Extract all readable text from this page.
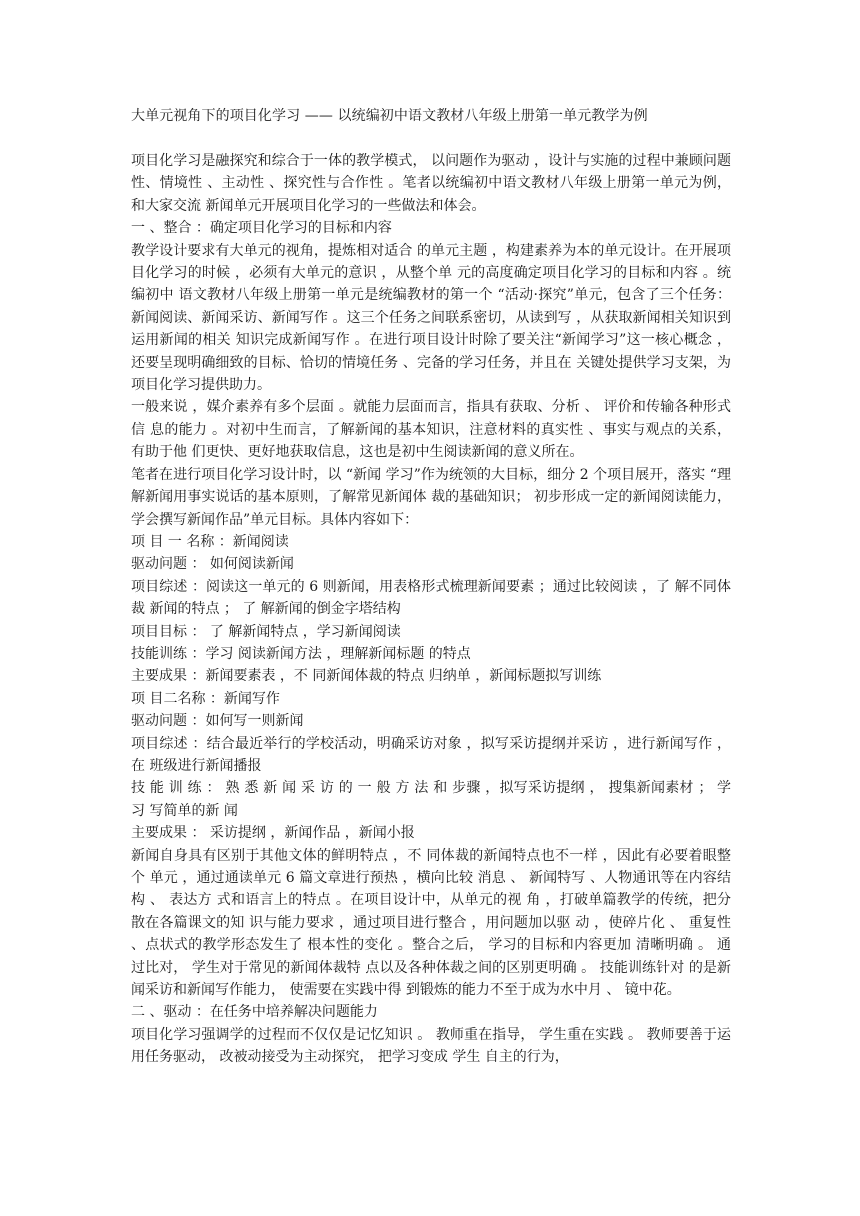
大单元视角下的项目化学习 —— 以统编初中语文教材八年级上册第一单元教学为例

项目化学习是融探究和综合于一体的教学模式， 以问题作为驱动 ，设计与实施的过程中兼顾问题性、情境性 、主动性 、探究性与合作性 。笔者以统编初中语文教材八年级上册第一单元为例， 和大家交流 新闻单元开展项目化学习的一些做法和体会。

一 、整合 ：确定项目化学习的目标和内容

教学设计要求有大单元的视角，提炼相对适合 的单元主题 ，构建素养为本的单元设计。在开展项目化学习的时候 ，必须有大单元的意识 ，从整个单 元的高度确定项目化学习的目标和内容 。统编初中 语文教材八年级上册第一单元是统编教材的第一个 “活动·探究”单元，包含了三个任务：新闻阅读、新闻采访、新闻写作 。这三个任务之间联系密切，从读到写 ，从获取新闻相关知识到运用新闻的相关 知识完成新闻写作 。在进行项目设计时除了要关注“新闻学习”这一核心概念 ，还要呈现明确细致的目标、恰切的情境任务 、完备的学习任务，并且在 关键处提供学习支架，为项目化学习提供助力。

一般来说 ，媒介素养有多个层面 。就能力层面而言，指具有获取、分析 、 评价和传输各种形式信 息的能力 。对初中生而言，了解新闻的基本知识，注意材料的真实性 、事实与观点的关系，有助于他 们更快、更好地获取信息，这也是初中生阅读新闻的意义所在。

笔者在进行项目化学习设计时，以 “新闻 学习”作为统领的大目标，细分 2 个项目展开，落实 “理解新闻用事实说话的基本原则，了解常见新闻体 裁的基础知识； 初步形成一定的新闻阅读能力， 学会撰写新闻作品”单元目标。具体内容如下：

项 目 一 名称 ：新闻阅读

驱动问题 ： 如何阅读新闻

项目综述 ：阅读这一单元的 6 则新闻，用表格形式梳理新闻要素 ；通过比较阅读 ，了 解不同体裁 新闻的特点 ； 了 解新闻的倒金字塔结构

项目目标 ： 了 解新闻特点 ，学习新闻阅读

技能训练 ：学习 阅读新闻方法 ，理解新闻标题 的特点

主要成果 ：新闻要素表 ，不 同新闻体裁的特点 归纳单 ，新闻标题拟写训练

项 目二名称 ：新闻写作

驱动问题 ：如何写一则新闻

项目综述 ：结合最近举行的学校活动，明确采访对象 ，拟写采访提纲并采访 ，进行新闻写作 ，在 班级进行新闻播报

技 能 训 练 ： 熟 悉 新 闻 采 访 的 一 般 方 法 和 步骤 ，拟写采访提纲 ， 搜集新闻素材 ； 学习 写简单的新 闻

主要成果 ： 采访提纲 ，新闻作品 ，新闻小报

新闻自身具有区别于其他文体的鲜明特点 ，不 同体裁的新闻特点也不一样 ，因此有必要着眼整个 单元 ，通过通读单元 6 篇文章进行预热 ，横向比较 消息 、 新闻特写 、人物通讯等在内容结构 、 表达方 式和语言上的特点 。在项目设计中，从单元的视 角 ，打破单篇教学的传统，把分散在各篇课文的知 识与能力要求 ，通过项目进行整合 ，用问题加以驱 动 ，使碎片化 、 重复性 、点状式的教学形态发生了 根本性的变化 。整合之后， 学习的目标和内容更加 清晰明确 。 通过比对， 学生对于常见的新闻体裁特 点以及各种体裁之间的区别更明确 。 技能训练针对 的是新闻采访和新闻写作能力， 使需要在实践中得 到锻炼的能力不至于成为水中月 、 镜中花。

二 、驱动 ：在任务中培养解决问题能力

项目化学习强调学的过程而不仅仅是记忆知识 。 教师重在指导， 学生重在实践 。 教师要善于运 用任务驱动， 改被动接受为主动探究， 把学习变成 学生 自主的行为，
